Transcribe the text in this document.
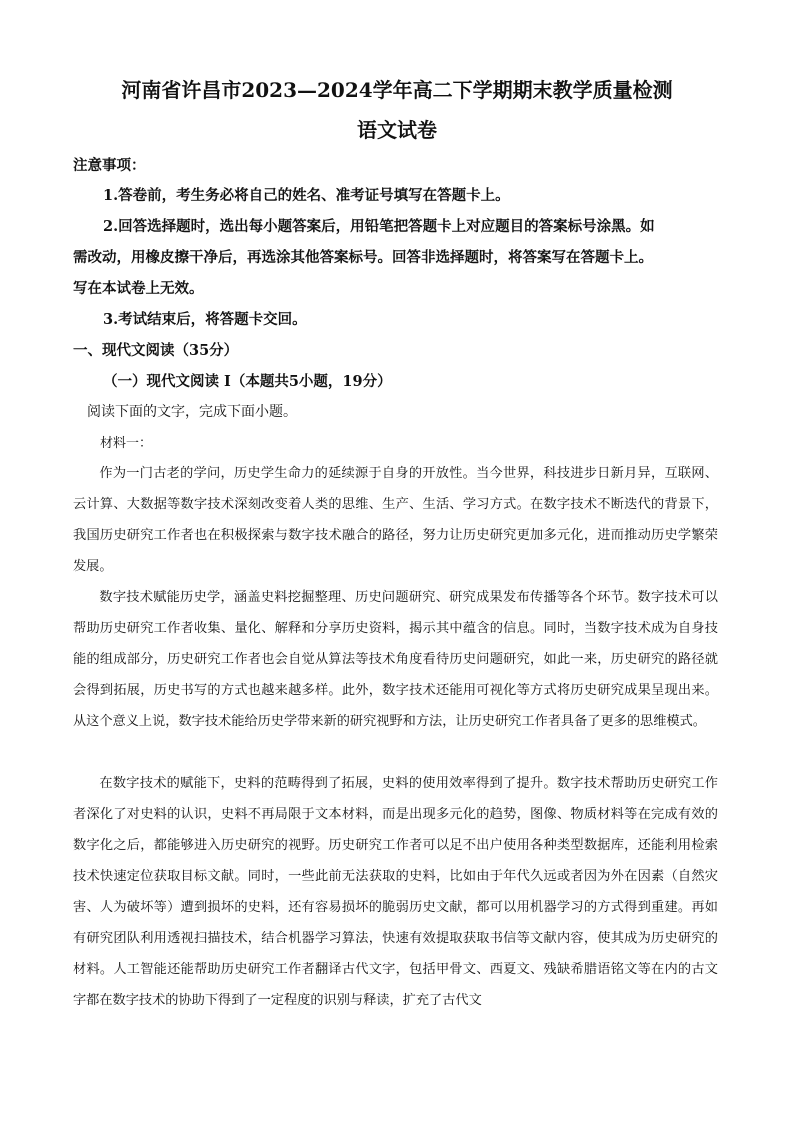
河南省许昌市2023—2024学年高二下学期期末教学质量检测
语文试卷
注意事项：
1.答卷前，考生务必将自己的姓名、准考证号填写在答题卡上。
2.回答选择题时，选出每小题答案后，用铅笔把答题卡上对应题目的答案标号涂黑。如
需改动，用橡皮擦干净后，再选涂其他答案标号。回答非选择题时，将答案写在答题卡上。
写在本试卷上无效。
3.考试结束后，将答题卡交回。
一、现代文阅读（35分）
（一）现代文阅读 I（本题共5小题，19分）
阅读下面的文字，完成下面小题。
材料一：

作为一门古老的学问，历史学生命力的延续源于自身的开放性。当今世界，科技进步日新月异，互联网、云计算、大数据等数字技术深刻改变着人类的思维、生产、生活、学习方式。在数字技术不断迭代的背景下，我国历史研究工作者也在积极探索与数字技术融合的路径，努力让历史研究更加多元化，进而推动历史学繁荣发展。

数字技术赋能历史学，涵盖史料挖掘整理、历史问题研究、研究成果发布传播等各个环节。数字技术可以帮助历史研究工作者收集、量化、解释和分享历史资料，揭示其中蕴含的信息。同时，当数字技术成为自身技能的组成部分，历史研究工作者也会自觉从算法等技术角度看待历史问题研究，如此一来，历史研究的路径就会得到拓展，历史书写的方式也越来越多样。此外，数字技术还能用可视化等方式将历史研究成果呈现出来。从这个意义上说，数字技术能给历史学带来新的研究视野和方法，让历史研究工作者具备了更多的思维模式。

在数字技术的赋能下，史料的范畴得到了拓展，史料的使用效率得到了提升。数字技术帮助历史研究工作者深化了对史料的认识，史料不再局限于文本材料，而是出现多元化的趋势，图像、物质材料等在完成有效的数字化之后，都能够进入历史研究的视野。历史研究工作者可以足不出户使用各种类型数据库，还能利用检索技术快速定位获取目标文献。同时，一些此前无法获取的史料，比如由于年代久远或者因为外在因素（自然灾害、人为破坏等）遭到损坏的史料，还有容易损坏的脆弱历史文献，都可以用机器学习的方式得到重建。再如有研究团队利用透视扫描技术，结合机器学习算法，快速有效提取获取书信等文献内容，使其成为历史研究的材料。人工智能还能帮助历史研究工作者翻译古代文字，包括甲骨文、西夏文、残缺希腊语铭文等在内的古文字都在数字技术的协助下得到了一定程度的识别与释读，扩充了古代文
